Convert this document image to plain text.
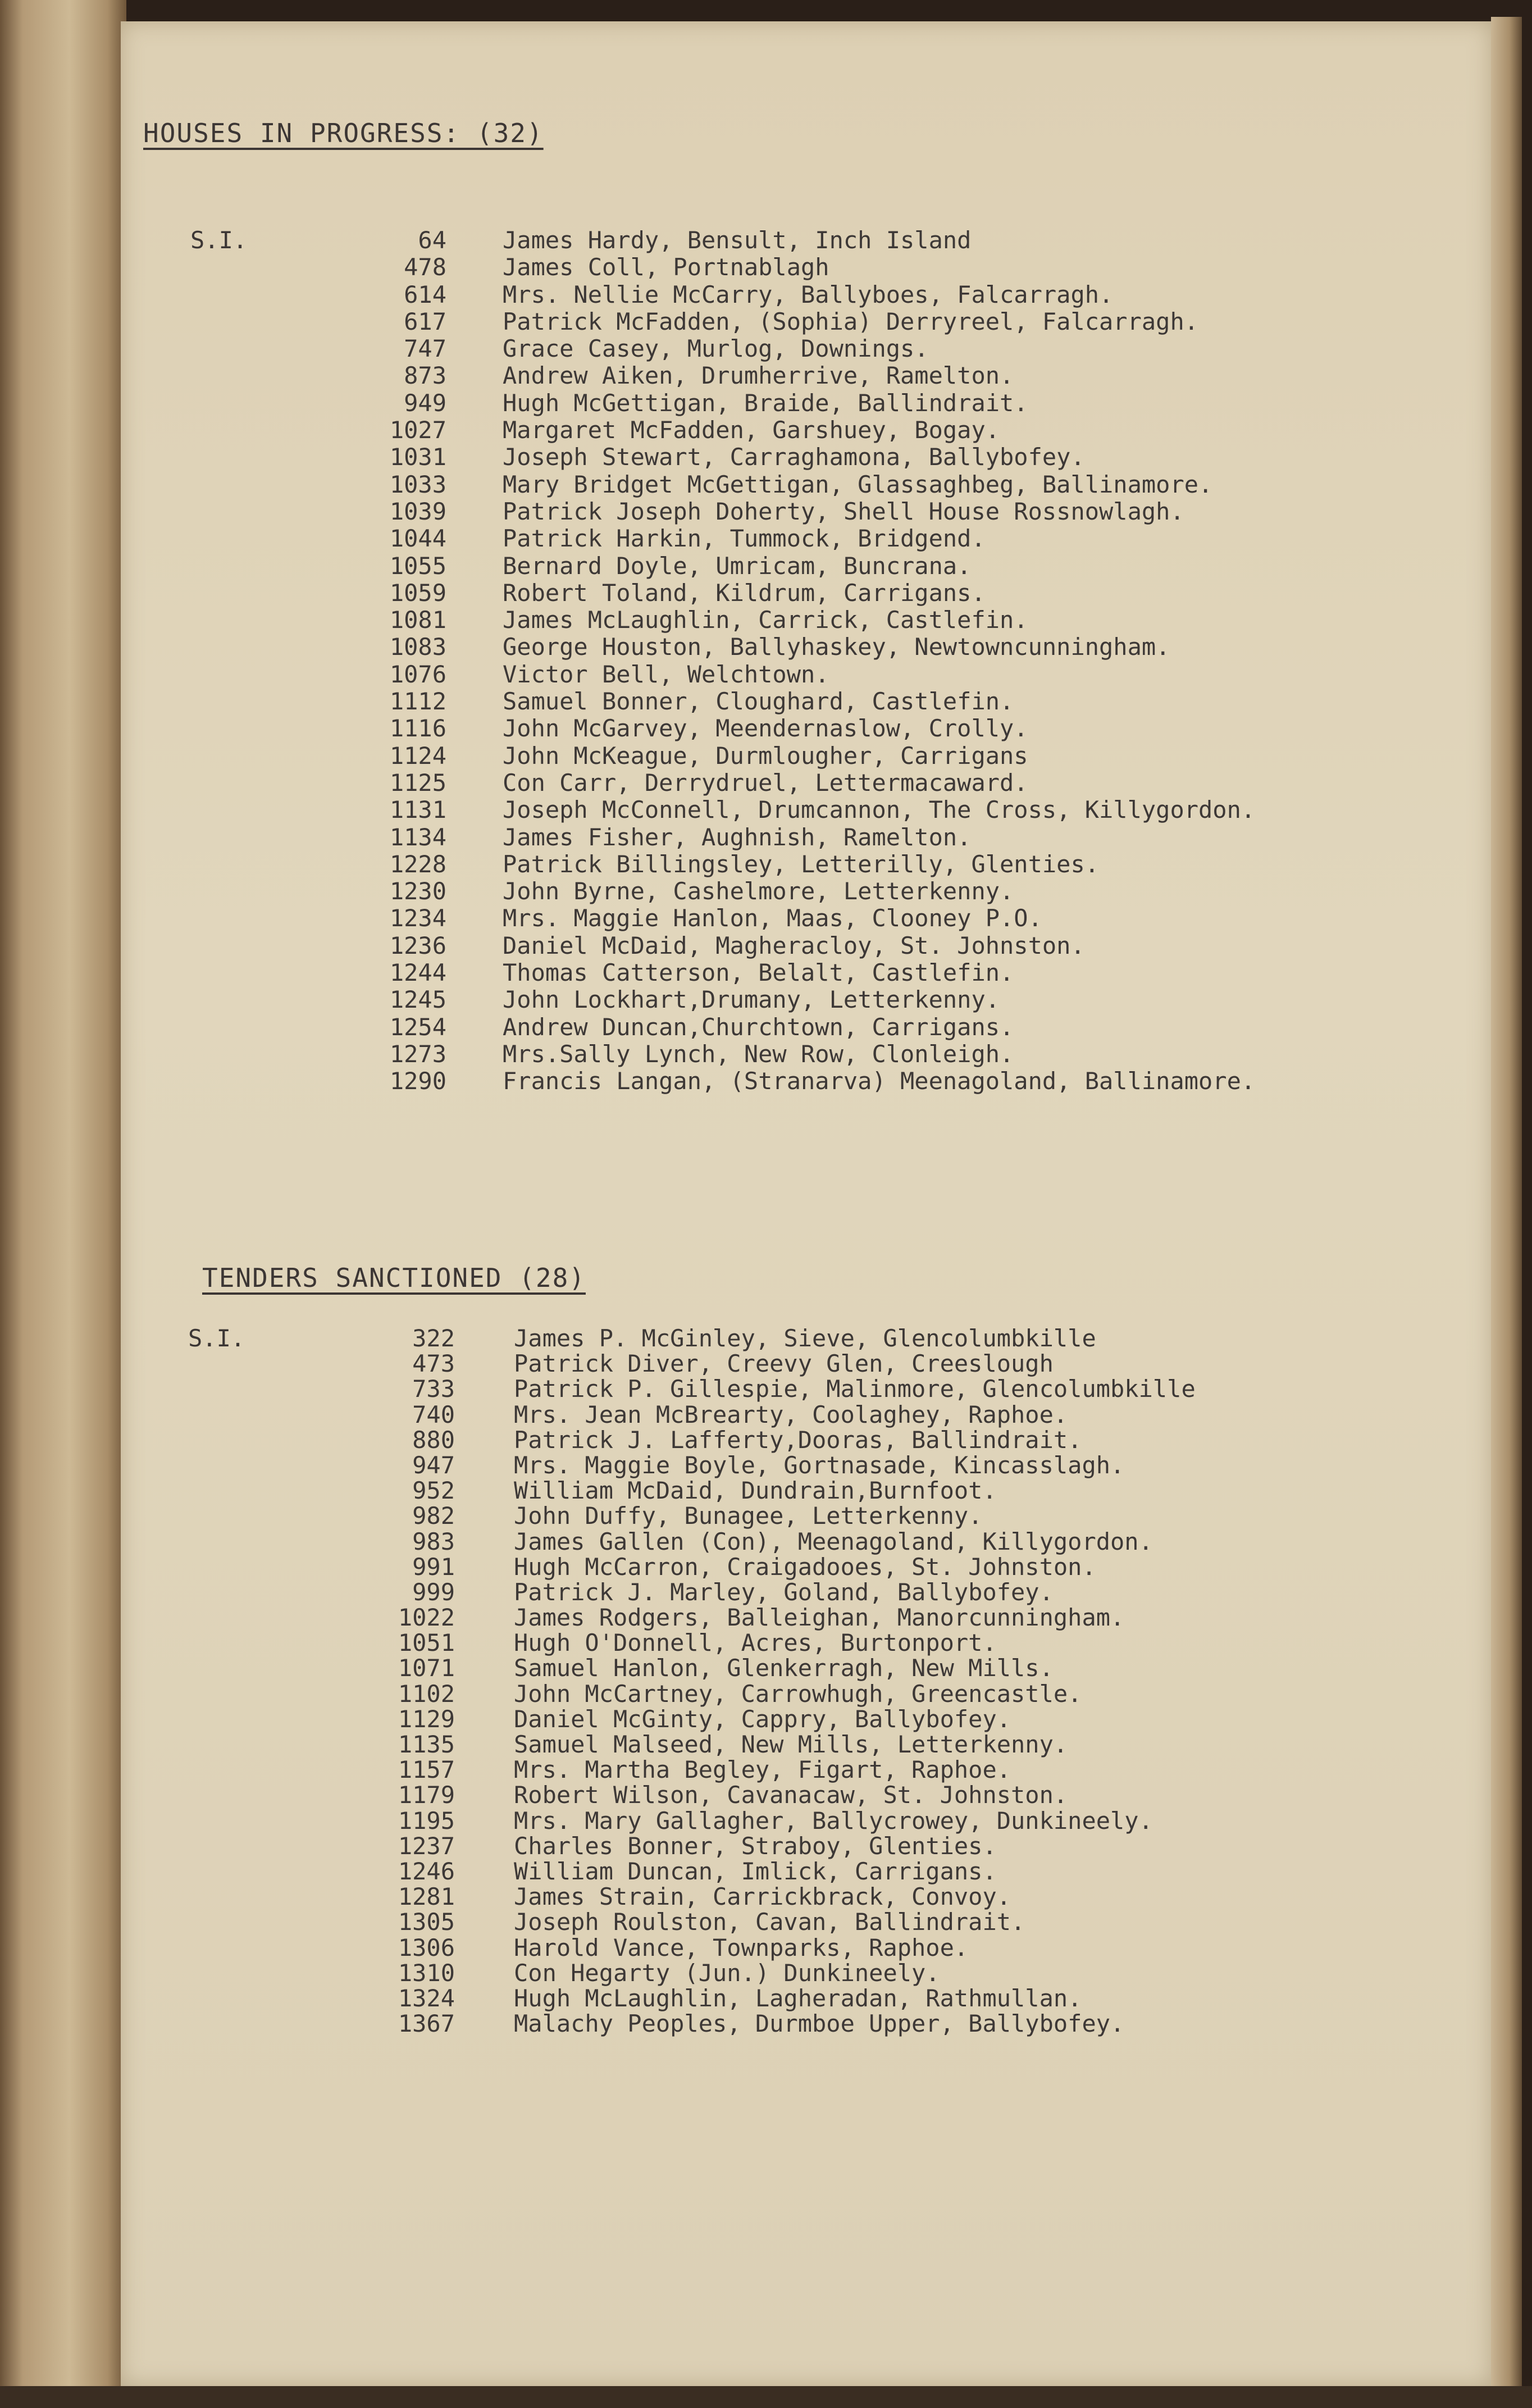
HOUSES IN PROGRESS: (32)
S.I.	64 James Hardy, Bensult, Inch Island
478 James Coll, Portnablagh
614 Mrs. Nellie McCarry, Ballyboes, Falcarragh.
617 Patrick McFadden, (Sophia) Derryreel, Falcarragh.
747 Grace Casey, Murlog, Downings.
873 Andrew Aiken, Drumherrive, Ramelton.
949 Hugh McGettigan, Braide, Ballindrait.
1027 Margaret McFadden, Garshuey, Bogay.
1031 Joseph Stewart, Carraghamona, Ballybofey.
1033 Mary Bridget McGettigan, Glassaghbeg, Ballinamore.
1039 Patrick Joseph Doherty, Shell House Rossnowlagh.
1044 Patrick Harkin, Tummock, Bridgend.
1055 Bernard Doyle, Umricam, Buncrana.
1059 Robert Toland, Kildrum, Carrigans.
1081 James McLaughlin, Carrick, Castlefin.
1083 George Houston, Ballyhaskey, Newtowncunningham.
1076 Victor Bell, Welchtown.
1112 Samuel Bonner, Cloughard, Castlefin.
1116 John McGarvey, Meendernaslow, Crolly.
1124 John McKeague, Durmlougher, Carrigans
1125 Con Carr, Derrydruel, Lettermacaward.
1131 Joseph McConnell, Drumcannon, The Cross, Killygordon.
1134 James Fisher, Aughnish, Ramelton.
1228 Patrick Billingsley, Letterilly, Glenties.
1230 John Byrne, Cashelmore, Letterkenny.
1234 Mrs. Maggie Hanlon, Maas, Clooney P.O.
1236 Daniel McDaid, Magheracloy, St. Johnston.
1244 Thomas Catterson, Belalt, Castlefin.
1245 John Lockhart,Drumany, Letterkenny.
1254 Andrew Duncan,Churchtown, Carrigans.
1273 Mrs.Sally Lynch, New Row, Clonleigh.
1290 Francis Langan, (Stranarva) Meenagoland, Ballinamore.
TENDERS SANCTIONED (28)
S.I.	322	James P. McGinley, Sieve, Glencolumbkille
473	Patrick Diver, Creevy Glen, Creeslough
733	Patrick P. Gillespie, Malinmore, Glencolumbkille
740	Mrs. Jean McBrearty, Coolaghey, Raphoe.
880	Patrick J. Lafferty,Dooras, Ballindrait.
947	Mrs. Maggie Boyle, Gortnasade, Kincasslagh.
952	William McDaid, Dundrain,Burnfoot.
982	John Duffy, Bunagee, Letterkenny.
983	James Gallen (Con), Meenagoland, Killygordon.
991	Hugh McCarron, Craigadooes, St. Johnston.
999	Patrick J. Marley, Goland, Ballybofey.
1022	James Rodgers, Balleighan, Manorcunningham.
1051	Hugh O'Donnell, Acres, Burtonport.
1071	Samuel Hanlon, Glenkerragh, New Mills.
1102	John McCartney, Carrowhugh, Greencastle.
1129	Daniel McGinty, Cappry, Ballybofey.
1135	Samuel Malseed, New Mills, Letterkenny.
1157	Mrs. Martha Begley, Figart, Raphoe.
1179	Robert Wilson, Cavanacaw, St. Johnston.
1195	Mrs. Mary Gallagher, Ballycrowey, Dunkineely.
1237	Charles Bonner, Straboy, Glenties.
1246	William Duncan, Imlick, Carrigans.
1281	James Strain, Carrickbrack, Convoy.
1305	Joseph Roulston, Cavan, Ballindrait.
1306	Harold Vance, Townparks, Raphoe.
1310	Con Hegarty (Jun.) Dunkineely.
1324	Hugh McLaughlin, Lagheradan, Rathmullan.
1367	Malachy Peoples, Durmboe Upper, Ballybofey.
